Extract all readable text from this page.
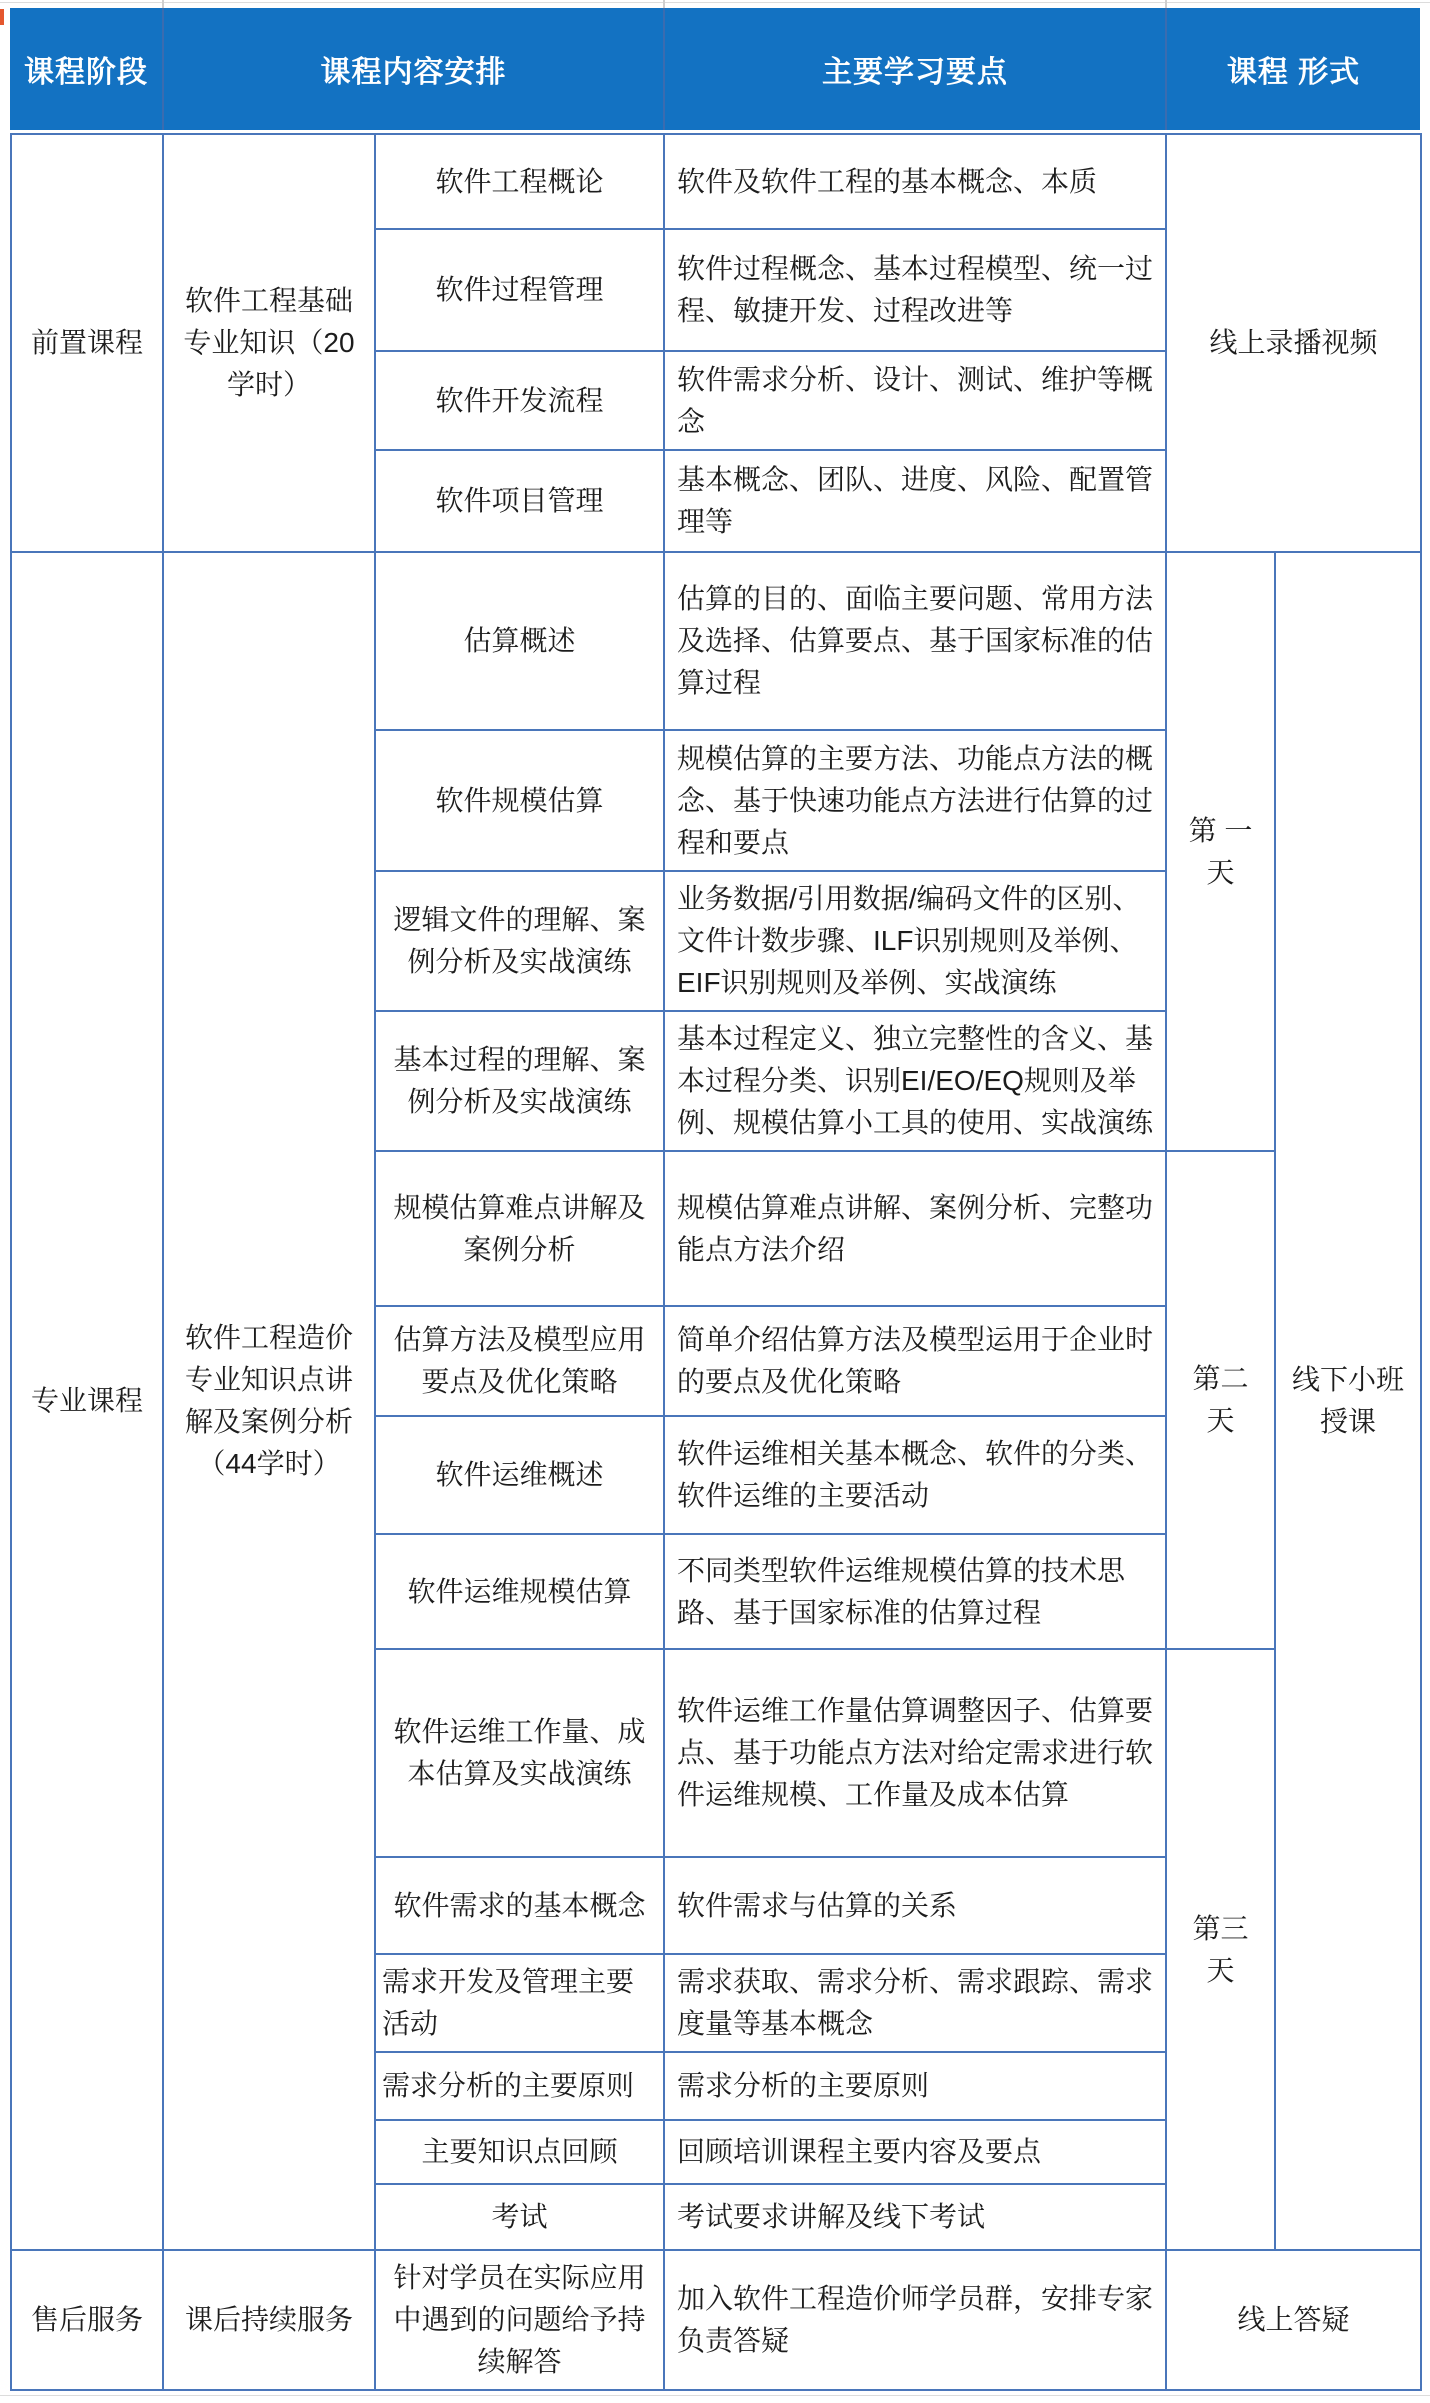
课程阶段	课程内容安排	主要学习要点	课程 形式
前置课程	软件工程基础专业知识（20学时）	软件工程概论	软件及软件工程的基本概念、本质	线上录播视频	
		软件过程管理	软件过程概念、基本过程模型、统一过程、敏捷开发、过程改进等		
		软件开发流程	软件需求分析、设计、测试、维护等概念		
		软件项目管理	基本概念、团队、进度、风险、配置管理等		
专业课程	软件工程造价专业知识点讲解及案例分析（44学时）	估算概述	估算的目的、面临主要问题、常用方法及选择、估算要点、基于国家标准的估算过程	第 一天	线下小班授课
		软件规模估算	规模估算的主要方法、功能点方法的概念、基于快速功能点方法进行估算的过程和要点		
		逻辑文件的理解、案例分析及实战演练	业务数据/引用数据/编码文件的区别、文件计数步骤、ILF识别规则及举例、EIF识别规则及举例、实战演练		
		基本过程的理解、案例分析及实战演练	基本过程定义、独立完整性的含义、基本过程分类、识别EI/EO/EQ规则及举例、规模估算小工具的使用、实战演练		
		规模估算难点讲解及案例分析	规模估算难点讲解、案例分析、完整功能点方法介绍	第二天	
		估算方法及模型应用要点及优化策略	简单介绍估算方法及模型运用于企业时的要点及优化策略		
		软件运维概述	软件运维相关基本概念、软件的分类、软件运维的主要活动		
		软件运维规模估算	不同类型软件运维规模估算的技术思路、基于国家标准的估算过程		
		软件运维工作量、成本估算及实战演练	软件运维工作量估算调整因子、估算要点、基于功能点方法对给定需求进行软件运维规模、工作量及成本估算	第三天	
		软件需求的基本概念	软件需求与估算的关系		
		需求开发及管理主要活动	需求获取、需求分析、需求跟踪、需求度量等基本概念		
		需求分析的主要原则	需求分析的主要原则		
		主要知识点回顾	回顾培训课程主要内容及要点		
		考试	考试要求讲解及线下考试		
售后服务	课后持续服务	针对学员在实际应用中遇到的问题给予持续解答	加入软件工程造价师学员群，安排专家负责答疑	线上答疑	
